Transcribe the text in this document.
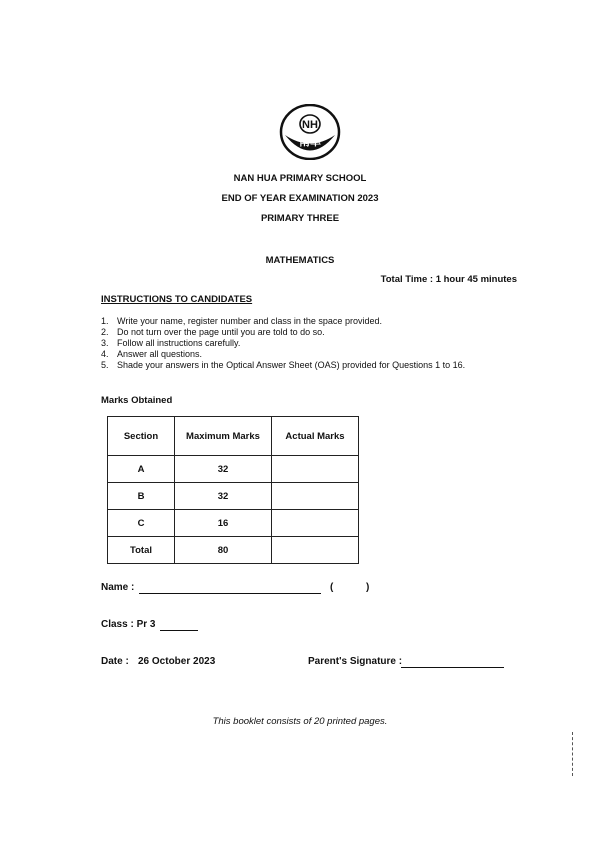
NH
南華
NAN HUA PRIMARY SCHOOL
END OF YEAR EXAMINATION 2023
PRIMARY THREE
MATHEMATICS
Total Time : 1 hour 45 minutes
INSTRUCTIONS TO CANDIDATES
1. Write your name, register number and class in the space provided.
2. Do not turn over the page until you are told to do so.
3. Follow all instructions carefully.
4. Answer all questions.
5. Shade your answers in the Optical Answer Sheet (OAS) provided for Questions 1 to 16.
Marks Obtained
Section	Maximum Marks	Actual Marks
A	32	
B	32	
C	16	
Total	80	
Name :	(	)
Class : Pr 3
Date : 26 October 2023	Parent's Signature :
This booklet consists of 20 printed pages.
